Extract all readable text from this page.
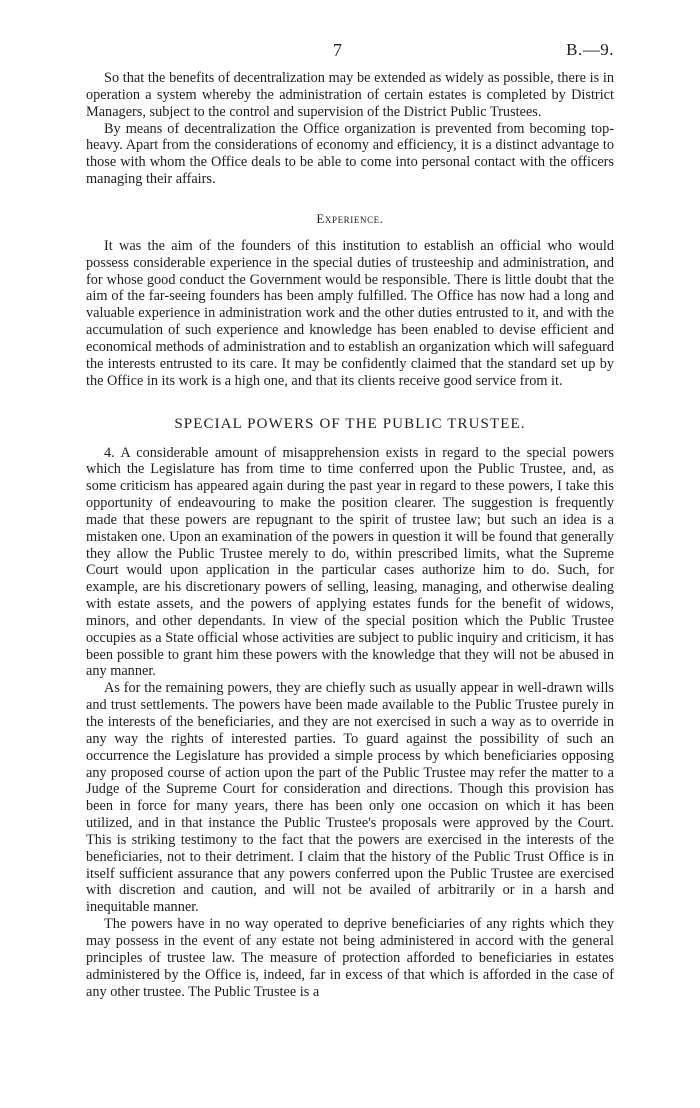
7	B.—9.

So that the benefits of decentralization may be extended as widely as possible, there is in operation a system whereby the administration of certain estates is completed by District Managers, subject to the control and supervision of the District Public Trustees.

By means of decentralization the Office organization is prevented from becoming top-heavy. Apart from the considerations of economy and efficiency, it is a distinct advantage to those with whom the Office deals to be able to come into personal contact with the officers managing their affairs.

Experience.

It was the aim of the founders of this institution to establish an official who would possess considerable experience in the special duties of trusteeship and administration, and for whose good conduct the Government would be responsible. There is little doubt that the aim of the far-seeing founders has been amply fulfilled. The Office has now had a long and valuable experience in administration work and the other duties entrusted to it, and with the accumulation of such experience and knowledge has been enabled to devise efficient and economical methods of administration and to establish an organization which will safeguard the interests entrusted to its care. It may be confidently claimed that the standard set up by the Office in its work is a high one, and that its clients receive good service from it.

SPECIAL POWERS OF THE PUBLIC TRUSTEE.

4. A considerable amount of misapprehension exists in regard to the special powers which the Legislature has from time to time conferred upon the Public Trustee, and, as some criticism has appeared again during the past year in regard to these powers, I take this opportunity of endeavouring to make the position clearer. The suggestion is frequently made that these powers are repugnant to the spirit of trustee law; but such an idea is a mistaken one. Upon an examination of the powers in question it will be found that generally they allow the Public Trustee merely to do, within prescribed limits, what the Supreme Court would upon application in the particular cases authorize him to do. Such, for example, are his discretionary powers of selling, leasing, managing, and otherwise dealing with estate assets, and the powers of applying estates funds for the benefit of widows, minors, and other dependants. In view of the special position which the Public Trustee occupies as a State official whose activities are subject to public inquiry and criticism, it has been possible to grant him these powers with the knowledge that they will not be abused in any manner.

As for the remaining powers, they are chiefly such as usually appear in well-drawn wills and trust settlements. The powers have been made available to the Public Trustee purely in the interests of the beneficiaries, and they are not exercised in such a way as to override in any way the rights of interested parties. To guard against the possibility of such an occurrence the Legislature has provided a simple process by which beneficiaries opposing any proposed course of action upon the part of the Public Trustee may refer the matter to a Judge of the Supreme Court for consideration and directions. Though this provision has been in force for many years, there has been only one occasion on which it has been utilized, and in that instance the Public Trustee's proposals were approved by the Court. This is striking testimony to the fact that the powers are exercised in the interests of the beneficiaries, not to their detriment. I claim that the history of the Public Trust Office is in itself sufficient assurance that any powers conferred upon the Public Trustee are exercised with discretion and caution, and will not be availed of arbitrarily or in a harsh and inequitable manner.

The powers have in no way operated to deprive beneficiaries of any rights which they may possess in the event of any estate not being administered in accord with the general principles of trustee law. The measure of protection afforded to beneficiaries in estates administered by the Office is, indeed, far in excess of that which is afforded in the case of any other trustee. The Public Trustee is a
